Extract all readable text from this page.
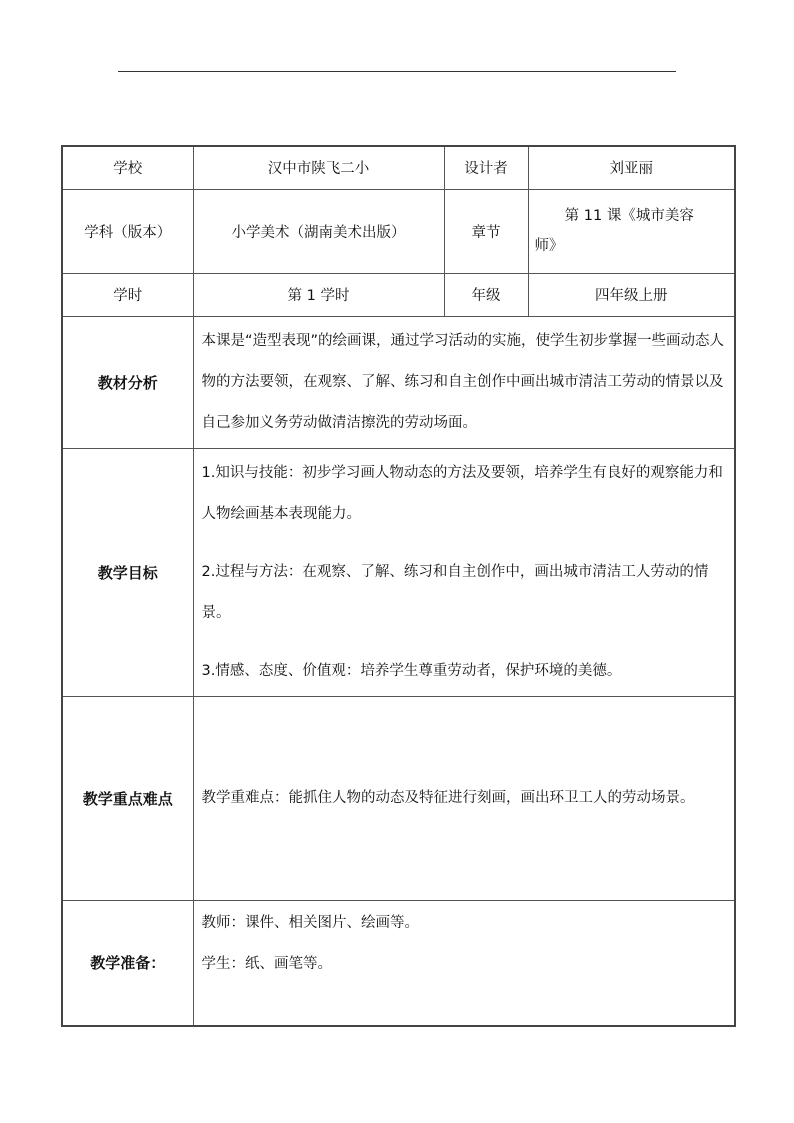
学校	汉中市陕飞二小	设计者	刘亚丽
学科（版本）	小学美术（湖南美术出版）	章节	第 11 课《城市美容
师》

学时	第 1 学时	年级	四年级上册
教材分析	本课是“造型表现”的绘画课，通过学习活动的实施，使学生初步掌握一些画动态人物的方法要领，在观察、了解、练习和自主创作中画出城市清洁工劳动的情景以及自己参加义务劳动做清洁擦洗的劳动场面。		

教学目标	1.知识与技能：初步学习画人物动态的方法及要领，培养学生有良好的观察能力和人物绘画基本表现能力。

2.过程与方法：在观察、了解、练习和自主创作中，画出城市清洁工人劳动的情景。

3.情感、态度、价值观：培养学生尊重劳动者，保护环境的美德。		

教学重点难点	教学重难点：能抓住人物的动态及特征进行刻画，画出环卫工人的劳动场景。		

教学准备：	教师：课件、相关图片、绘画等。

学生：纸、画笔等。		
